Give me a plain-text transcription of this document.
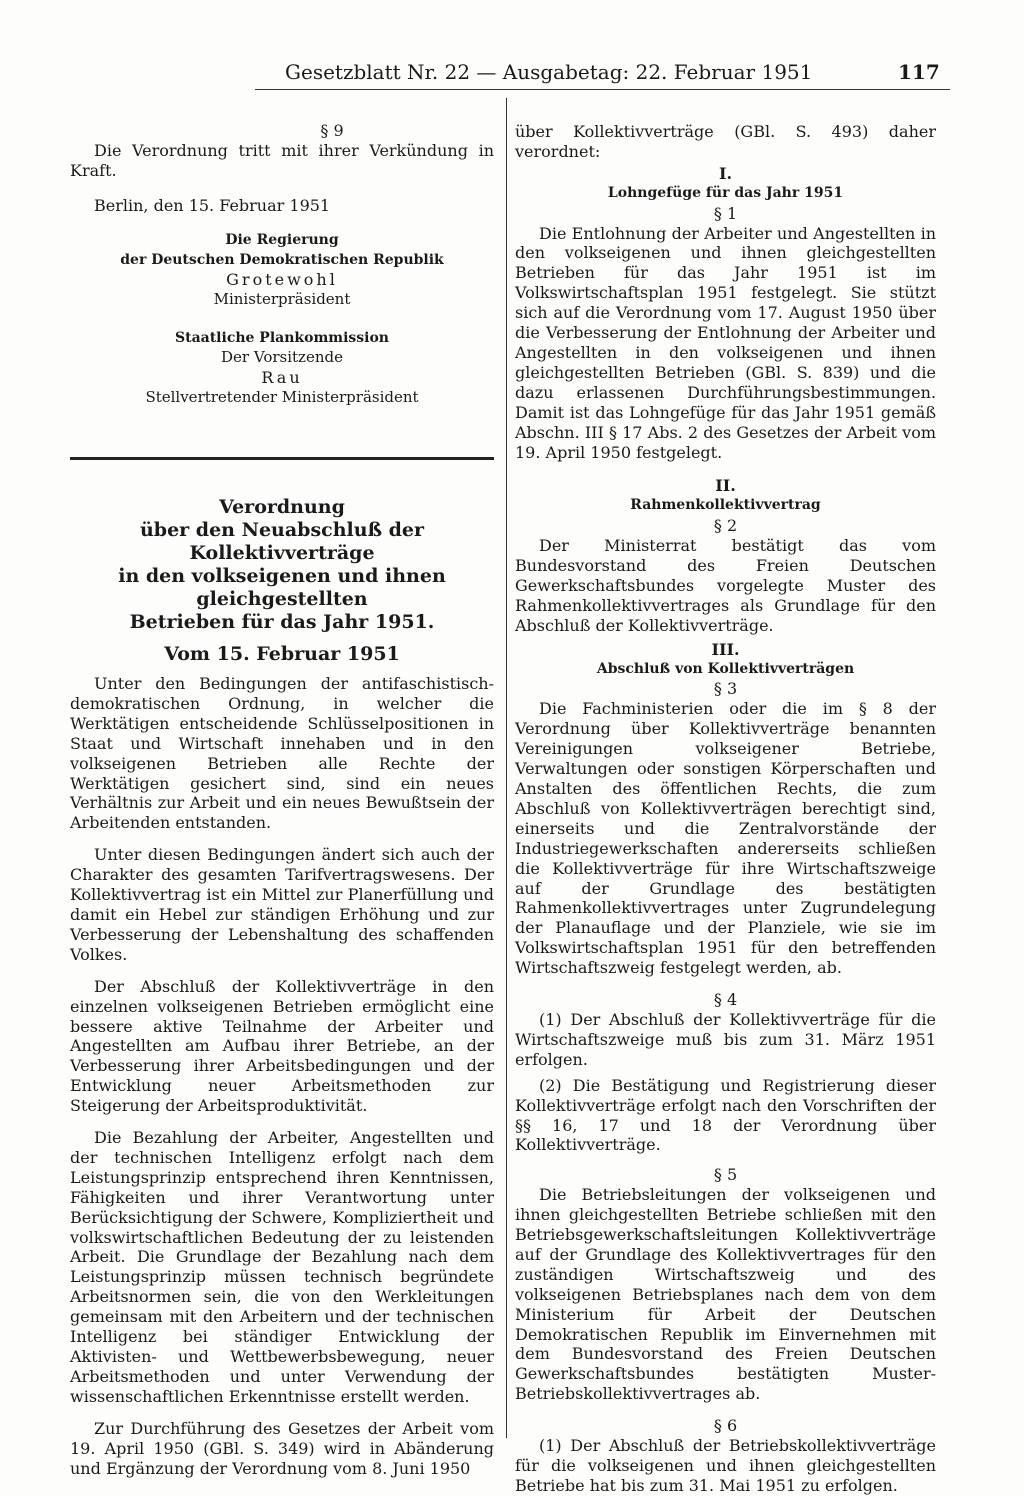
Gesetzblatt Nr. 22 — Ausgabetag: 22. Februar 1951	117

§ 9

Die Verordnung tritt mit ihrer Verkündung in Kraft.

Berlin, den 15. Februar 1951

Die Regierung

der Deutschen Demokratischen Republik

Grotewohl

Ministerpräsident

Staatliche Plankommission

Der Vorsitzende

Rau

Stellvertretender Ministerpräsident

Verordnung

über den Neuabschluß der Kollektivverträge

in den volkseigenen und ihnen gleichgestellten

Betrieben für das Jahr 1951.

Vom 15. Februar 1951

Unter den Bedingungen der antifaschistisch-demokratischen Ordnung, in welcher die Werktätigen entscheidende Schlüsselpositionen in Staat und Wirtschaft innehaben und in den volkseigenen Betrieben alle Rechte der Werktätigen gesichert sind, sind ein neues Verhältnis zur Arbeit und ein neues Bewußtsein der Arbeitenden entstanden.

Unter diesen Bedingungen ändert sich auch der Charakter des gesamten Tarifvertragswesens. Der Kollektivvertrag ist ein Mittel zur Planerfüllung und damit ein Hebel zur ständigen Erhöhung und zur Verbesserung der Lebenshaltung des schaffenden Volkes.

Der Abschluß der Kollektivverträge in den einzelnen volkseigenen Betrieben ermöglicht eine bessere aktive Teilnahme der Arbeiter und Angestellten am Aufbau ihrer Betriebe, an der Verbesserung ihrer Arbeitsbedingungen und der Entwicklung neuer Arbeitsmethoden zur Steigerung der Arbeitsproduktivität.

Die Bezahlung der Arbeiter, Angestellten und der technischen Intelligenz erfolgt nach dem Leistungsprinzip entsprechend ihren Kenntnissen, Fähigkeiten und ihrer Verantwortung unter Berücksichtigung der Schwere, Kompliziertheit und volkswirtschaftlichen Bedeutung der zu leistenden Arbeit. Die Grundlage der Bezahlung nach dem Leistungsprinzip müssen technisch begründete Arbeitsnormen sein, die von den Werkleitungen gemeinsam mit den Arbeitern und der technischen Intelligenz bei ständiger Entwicklung der Aktivisten- und Wettbewerbsbewegung, neuer Arbeitsmethoden und unter Verwendung der wissenschaftlichen Erkenntnisse erstellt werden.

Zur Durchführung des Gesetzes der Arbeit vom 19. April 1950 (GBl. S. 349) wird in Abänderung und Ergänzung der Verordnung vom 8. Juni 1950

über Kollektivverträge (GBl. S. 493) daher verordnet:

I.

Lohngefüge für das Jahr 1951

§ 1

Die Entlohnung der Arbeiter und Angestellten in den volkseigenen und ihnen gleichgestellten Betrieben für das Jahr 1951 ist im Volkswirtschaftsplan 1951 festgelegt. Sie stützt sich auf die Verordnung vom 17. August 1950 über die Verbesserung der Entlohnung der Arbeiter und Angestellten in den volkseigenen und ihnen gleichgestellten Betrieben (GBl. S. 839) und die dazu erlassenen Durchführungsbestimmungen. Damit ist das Lohngefüge für das Jahr 1951 gemäß Abschn. III § 17 Abs. 2 des Gesetzes der Arbeit vom 19. April 1950 festgelegt.

II.

Rahmenkollektivvertrag

§ 2

Der Ministerrat bestätigt das vom Bundesvorstand des Freien Deutschen Gewerkschaftsbundes vorgelegte Muster des Rahmenkollektivvertrages als Grundlage für den Abschluß der Kollektivverträge.

III.

Abschluß von Kollektivverträgen

§ 3

Die Fachministerien oder die im § 8 der Verordnung über Kollektivverträge benannten Vereinigungen volkseigener Betriebe, Verwaltungen oder sonstigen Körperschaften und Anstalten des öffentlichen Rechts, die zum Abschluß von Kollektivverträgen berechtigt sind, einerseits und die Zentralvorstände der Industriegewerkschaften andererseits schließen die Kollektivverträge für ihre Wirtschaftszweige auf der Grundlage des bestätigten Rahmenkollektivvertrages unter Zugrundelegung der Planauflage und der Planziele, wie sie im Volkswirtschaftsplan 1951 für den betreffenden Wirtschaftszweig festgelegt werden, ab.

§ 4

(1) Der Abschluß der Kollektivverträge für die Wirtschaftszweige muß bis zum 31. März 1951 erfolgen.

(2) Die Bestätigung und Registrierung dieser Kollektivverträge erfolgt nach den Vorschriften der §§ 16, 17 und 18 der Verordnung über Kollektivverträge.

§ 5

Die Betriebsleitungen der volkseigenen und ihnen gleichgestellten Betriebe schließen mit den Betriebsgewerkschaftsleitungen Kollektivverträge auf der Grundlage des Kollektivvertrages für den zuständigen Wirtschaftszweig und des volkseigenen Betriebsplanes nach dem von dem Ministerium für Arbeit der Deutschen Demokratischen Republik im Einvernehmen mit dem Bundesvorstand des Freien Deutschen Gewerkschaftsbundes bestätigten Muster-Betriebskollektivvertrages ab.

§ 6

(1) Der Abschluß der Betriebskollektivverträge für die volkseigenen und ihnen gleichgestellten Betriebe hat bis zum 31. Mai 1951 zu erfolgen.
